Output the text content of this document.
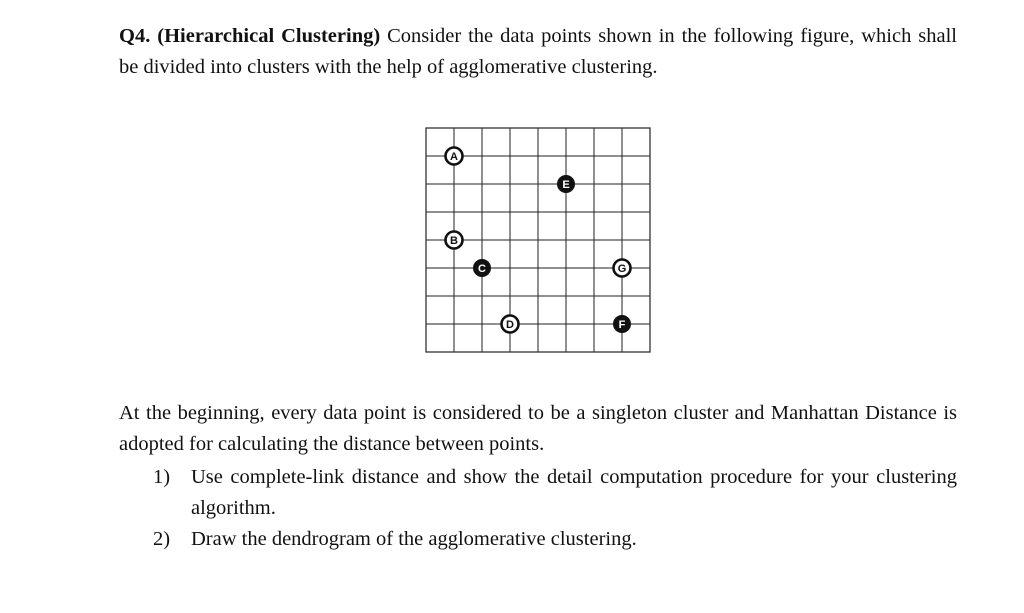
Q4. (Hierarchical Clustering) Consider the data points shown in the following figure, which shall be divided into clusters with the help of agglomerative clustering.

A
B
C
D
E
F
G

At the beginning, every data point is considered to be a singleton cluster and Manhattan Distance is adopted for calculating the distance between points.

1) Use complete-link distance and show the detail computation procedure for your clustering algorithm.
2) Draw the dendrogram of the agglomerative clustering.
